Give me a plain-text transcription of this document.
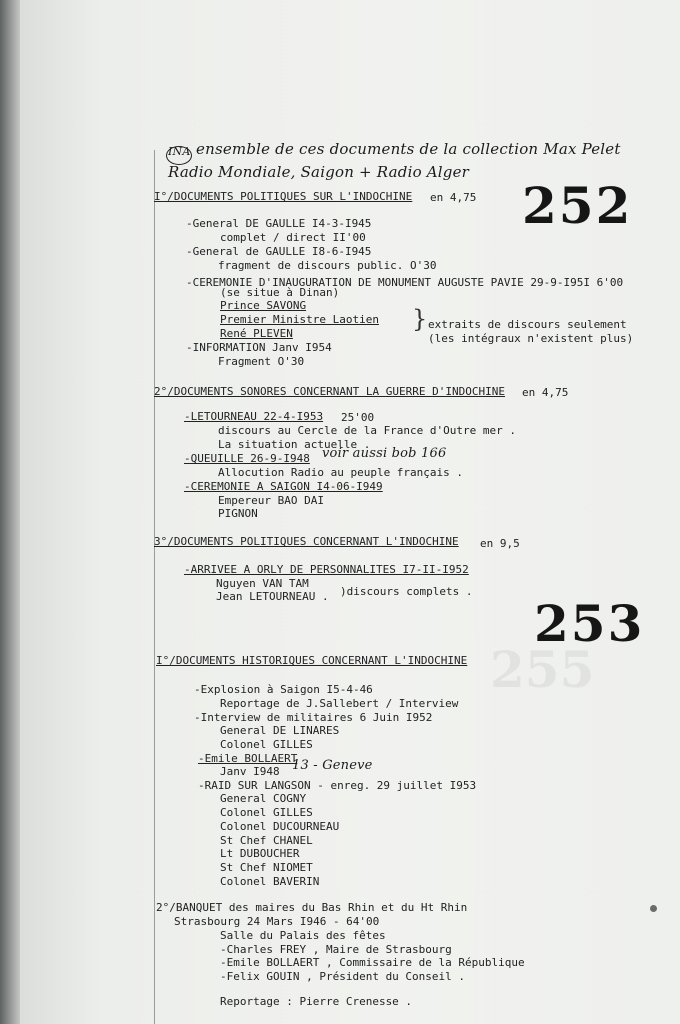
255
INA ensemble de ces documents de la collection Max Pelet
Radio Mondiale, Saigon + Radio Alger
252
253
I°/DOCUMENTS POLITIQUES SUR L'INDOCHINE en 4,75
-General DE GAULLE I4-3-I945
complet / direct II'00
-General de GAULLE I8-6-I945
fragment de discours public. O'30
-CEREMONIE D'INAUGURATION DE MONUMENT AUGUSTE PAVIE 29-9-I95I 6'00
(se situe à Dinan)
Prince SAVONG
Premier Ministre Laotien
René PLEVEN
} extraits de discours seulement
(les intégraux n'existent plus)
-INFORMATION Janv I954
Fragment O'30
2°/DOCUMENTS SONORES CONCERNANT LA GUERRE D'INDOCHINE en 4,75
-LETOURNEAU 22-4-I953 25'00
discours au Cercle de la France d'Outre mer .
La situation actuelle .
-QUEUILLE 26-9-I948 voir aussi bob 166
Allocution Radio au peuple français .
-CEREMONIE A SAIGON I4-06-I949
Empereur BAO DAI
PIGNON
3°/DOCUMENTS POLITIQUES CONCERNANT L'INDOCHINE en 9,5
-ARRIVEE A ORLY DE PERSONNALITES I7-II-I952
Nguyen VAN TAM
Jean LETOURNEAU . )discours complets .
I°/DOCUMENTS HISTORIQUES CONCERNANT L'INDOCHINE
-Explosion à Saigon I5-4-46
Reportage de J.Sallebert / Interview
-Interview de militaires 6 Juin I952
General DE LINARES
Colonel GILLES
-Emile BOLLAERT
Janv I948 13 - Geneve
-RAID SUR LANGSON - enreg. 29 juillet I953
General COGNY
Colonel GILLES
Colonel DUCOURNEAU
St Chef CHANEL
Lt DUBOUCHER
St Chef NIOMET
Colonel BAVERIN
2°/BANQUET des maires du Bas Rhin et du Ht Rhin
Strasbourg 24 Mars I946 - 64'00
Salle du Palais des fêtes
-Charles FREY , Maire de Strasbourg
-Emile BOLLAERT , Commissaire de la République
-Felix GOUIN , Président du Conseil .
Reportage : Pierre Crenesse .
